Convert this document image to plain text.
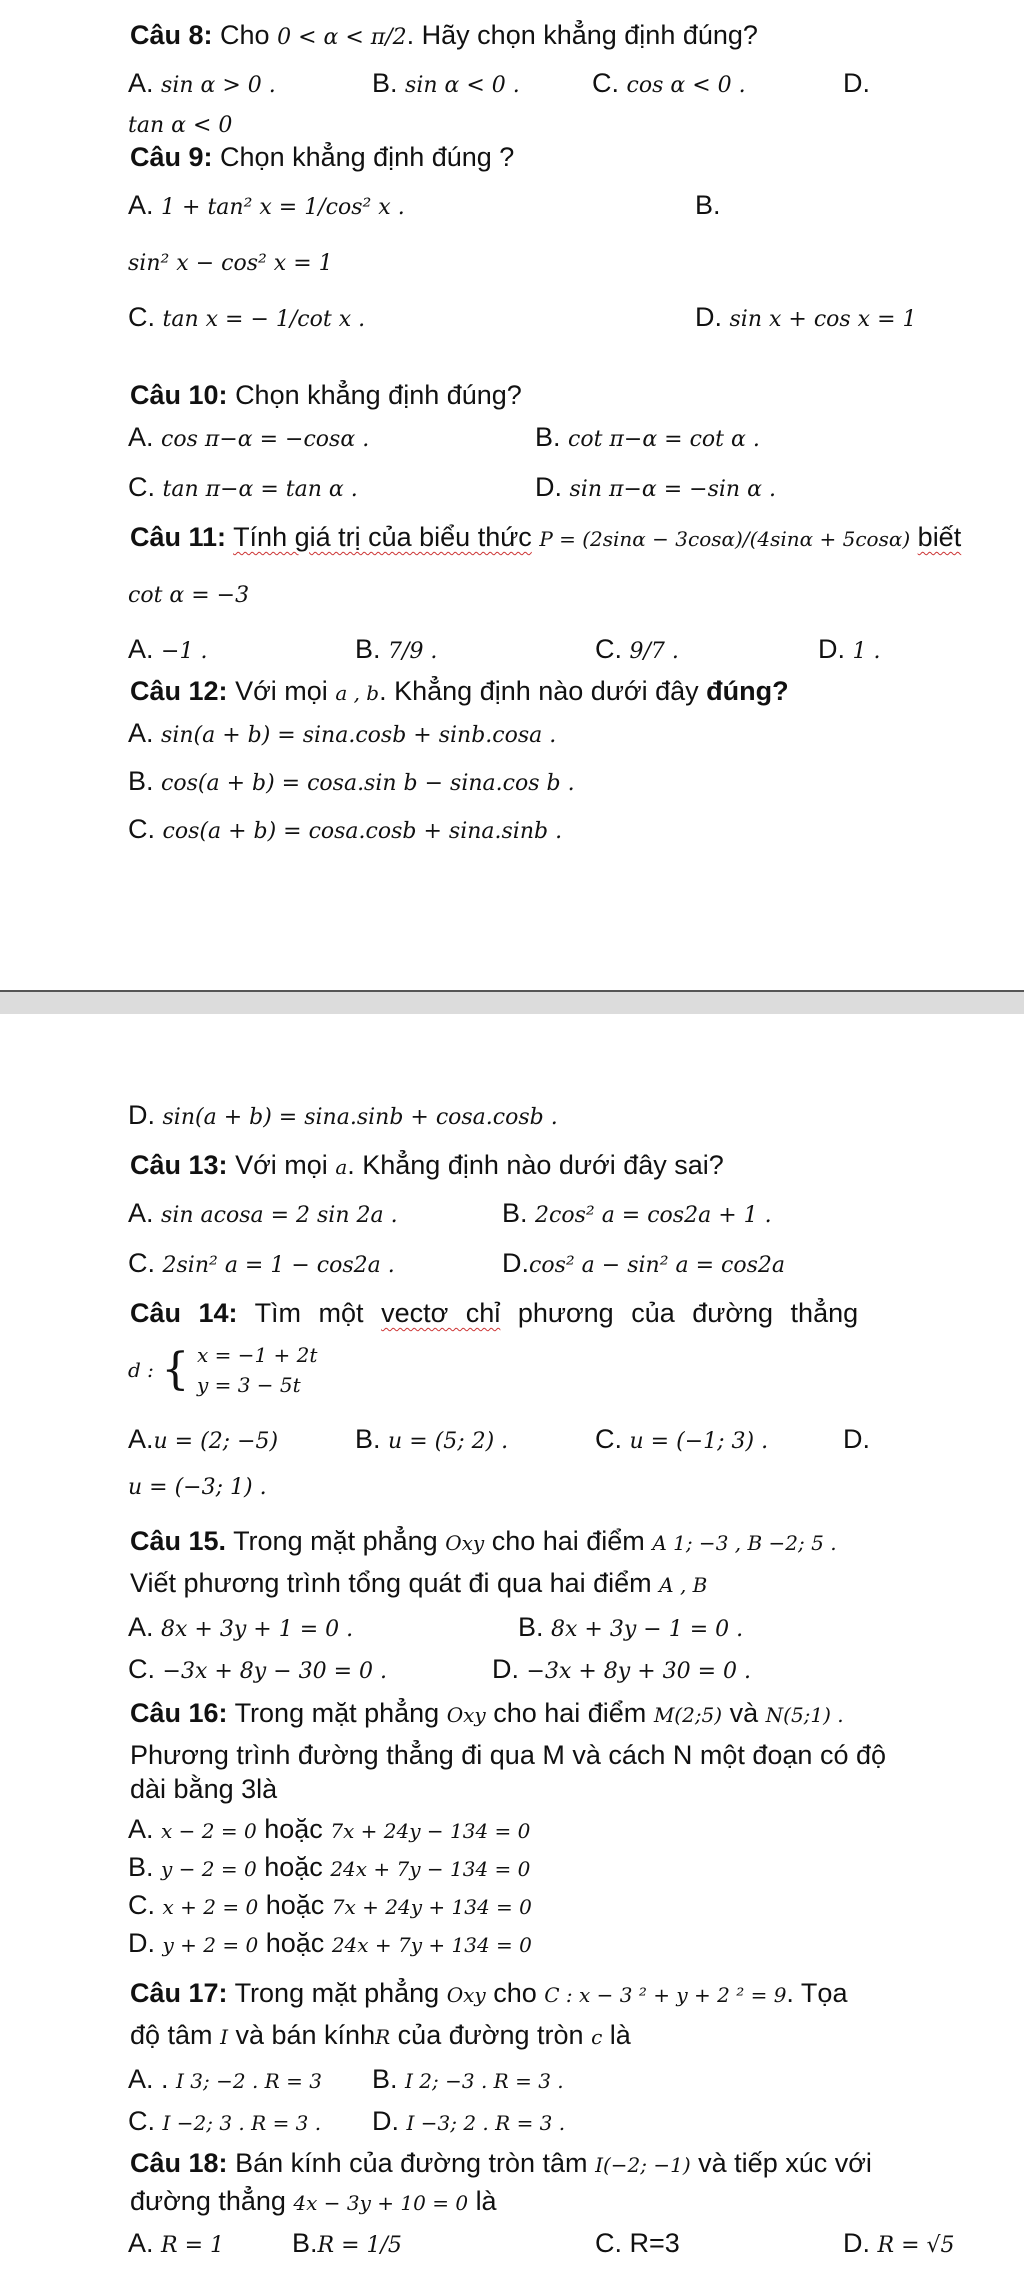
Câu 8: Cho 0 < α < π/2. Hãy chọn khẳng định đúng?
A. sin α > 0 .	B. sin α < 0 .	C. cos α < 0 .	D.
tan α < 0
Câu 9: Chọn khẳng định đúng ?
A. 1 + tan² x = 1/cos² x .	B.
sin² x − cos² x = 1
C. tan x = − 1/cot x .	D. sin x + cos x = 1
Câu 10: Chọn khẳng định đúng?
A. cos π−α = −cosα .	B. cot π−α = cot α .
C. tan π−α = tan α .	D. sin π−α = −sin α .
Câu 11: Tính giá trị của biểu thức P = (2sinα − 3cosα)/(4sinα + 5cosα) biết
cot α = −3
A. −1 .	B. 7/9 .	C. 9/7 .	D. 1 .
Câu 12: Với mọi a , b. Khẳng định nào dưới đây đúng?
A. sin(a + b) = sina.cosb + sinb.cosa .
B. cos(a + b) = cosa.sin b − sina.cos b .
C. cos(a + b) = cosa.cosb + sina.sinb .
D. sin(a + b) = sina.sinb + cosa.cosb .
Câu 13: Với mọi a. Khẳng định nào dưới đây sai?
A. sin acosa = 2 sin 2a .	B. 2cos² a = cos2a + 1 .
C. 2sin² a = 1 − cos2a .	D.cos² a − sin² a = cos2a
Câu 14: Tìm một vectơ chỉ phương của đường thẳng
d : { x = −1 + 2t
y = 3 − 5t
A.u = (2; −5)	B. u = (5; 2) .	C. u = (−1; 3) .	D.
u = (−3; 1) .
Câu 15. Trong mặt phẳng Oxy cho hai điểm A 1; −3 , B −2; 5 .
Viết phương trình tổng quát đi qua hai điểm A , B
A. 8x + 3y + 1 = 0 .	B. 8x + 3y − 1 = 0 .
C. −3x + 8y − 30 = 0 .	D. −3x + 8y + 30 = 0 .
Câu 16: Trong mặt phẳng Oxy cho hai điểm M(2;5) và N(5;1) .
Phương trình đường thẳng đi qua M và cách N một đoạn có độ
dài bằng 3là
A. x − 2 = 0 hoặc 7x + 24y − 134 = 0
B. y − 2 = 0 hoặc 24x + 7y − 134 = 0
C. x + 2 = 0 hoặc 7x + 24y + 134 = 0
D. y + 2 = 0 hoặc 24x + 7y + 134 = 0
Câu 17: Trong mặt phẳng Oxy cho C : x − 3 ² + y + 2 ² = 9. Tọa
độ tâm I và bán kínhR của đường tròn c là
A. . I 3; −2 . R = 3 B. I 2; −3 . R = 3 .
C. I −2; 3 . R = 3 . D. I −3; 2 . R = 3 .
Câu 18: Bán kính của đường tròn tâm I(−2; −1) và tiếp xúc với
đường thẳng 4x − 3y + 10 = 0 là
A. R = 1	B.R = 1/5	C. R=3	D. R = √5
